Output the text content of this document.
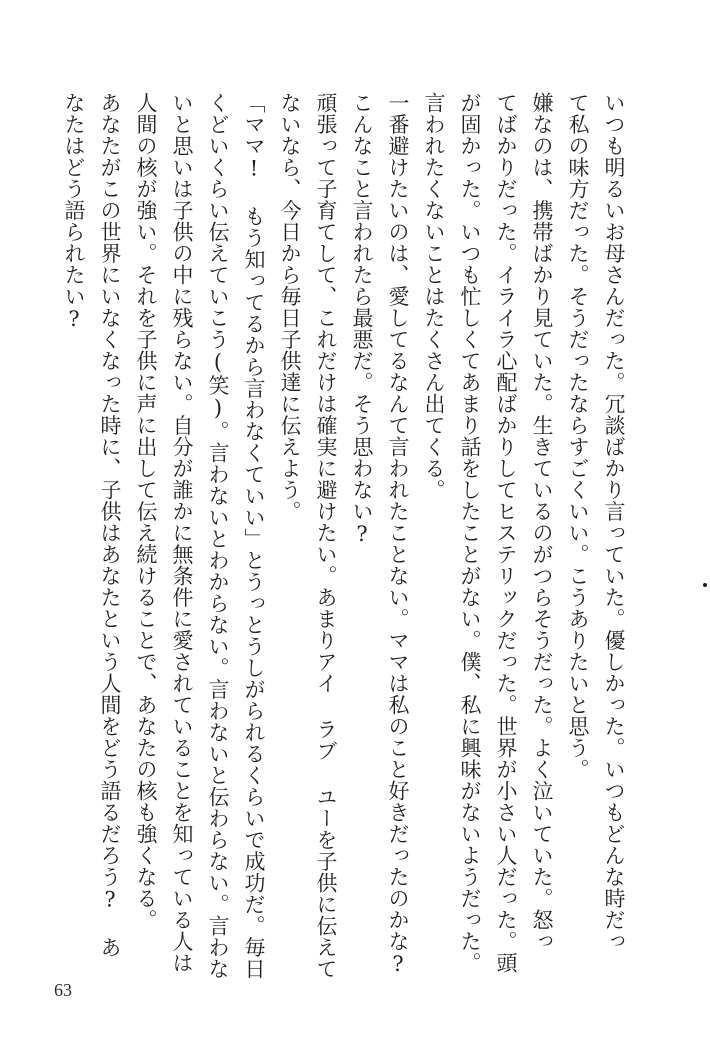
いつも明るいお母さんだった。冗談ばかり言っていた。優しかった。いつもどんな時だっ
て私の味方だった。そうだったならすごくいい。こうありたいと思う。
嫌なのは、携帯ばかり見ていた。生きているのがつらそうだった。よく泣いていた。怒っ
てばかりだった。イライラ心配ばかりしてヒステリックだった。世界が小さい人だった。頭
が固かった。いつも忙しくてあまり話をしたことがない。僕、私に興味がないようだった。
言われたくないことはたくさん出てくる。
一番避けたいのは、愛してるなんて言われたことない。ママは私のこと好きだったのかな?
こんなこと言われたら最悪だ。そう思わない?
頑張って子育てして、これだけは確実に避けたい。あまりアイ ラブ ユーを子供に伝えて
ないなら、今日から毎日子供達に伝えよう。
「ママ! もう知ってるから言わなくていい」とうっとうしがられるくらいで成功だ。毎日
くどいくらい伝えていこう(笑)。言わないとわからない。言わないと伝わらない。言わな
いと思いは子供の中に残らない。自分が誰かに無条件に愛されていることを知っている人は
人間の核が強い。それを子供に声に出して伝え続けることで、あなたの核も強くなる。
あなたがこの世界にいなくなった時に、子供はあなたという人間をどう語るだろう? あ
なたはどう語られたい?
63
